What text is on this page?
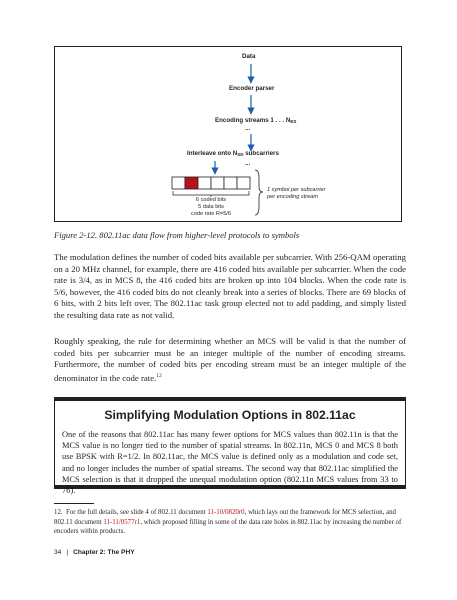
Data
Encoder parser
Encoding streams 1 . . . $N_{ES}$
...
Interleave onto $N_{SD}$ subcarriers
...
6 coded bits
5 data bits
code rate R=5/6
1 symbol per subcarrier
per encoding stream
Figure 2-12. 802.11ac data flow from higher-level protocols to symbols

The modulation defines the number of coded bits available per subcarrier. With 256-QAM operating on a 20 MHz channel, for example, there are 416 coded bits available per subcarrier. When the code rate is 3/4, as in MCS 8, the 416 coded bits are broken up into 104 blocks. When the code rate is 5/6, however, the 416 coded bits do not cleanly break into a series of blocks. There are 69 blocks of 6 bits, with 2 bits left over. The 802.11ac task group elected not to add padding, and simply listed the resulting data rate as not valid.

Roughly speaking, the rule for determining whether an MCS will be valid is that the number of coded bits per subcarrier must be an integer multiple of the number of encoding streams. Furthermore, the number of coded bits per encoding stream must be an integer multiple of the denominator in the code rate.$^{12}$

Simplifying Modulation Options in 802.11ac

One of the reasons that 802.11ac has many fewer options for MCS values than 802.11n is that the MCS value is no longer tied to the number of spatial streams. In 802.11n, MCS 0 and MCS 8 both use BPSK with R=1/2. In 802.11ac, the MCS value is defined only as a modulation and code set, and no longer includes the number of spatial streams. The second way that 802.11ac simplified the MCS selection is that it dropped the unequal modulation option (802.11n MCS values from 33 to 76).

12. For the full details, see slide 4 of 802.11 document 11-10/0820r0, which lays out the framework for MCS selection, and 802.11 document 11-11/0577r1, which proposed filling in some of the data rate holes in 802.11ac by increasing the number of encoders within products.

34 | Chapter 2: The PHY
